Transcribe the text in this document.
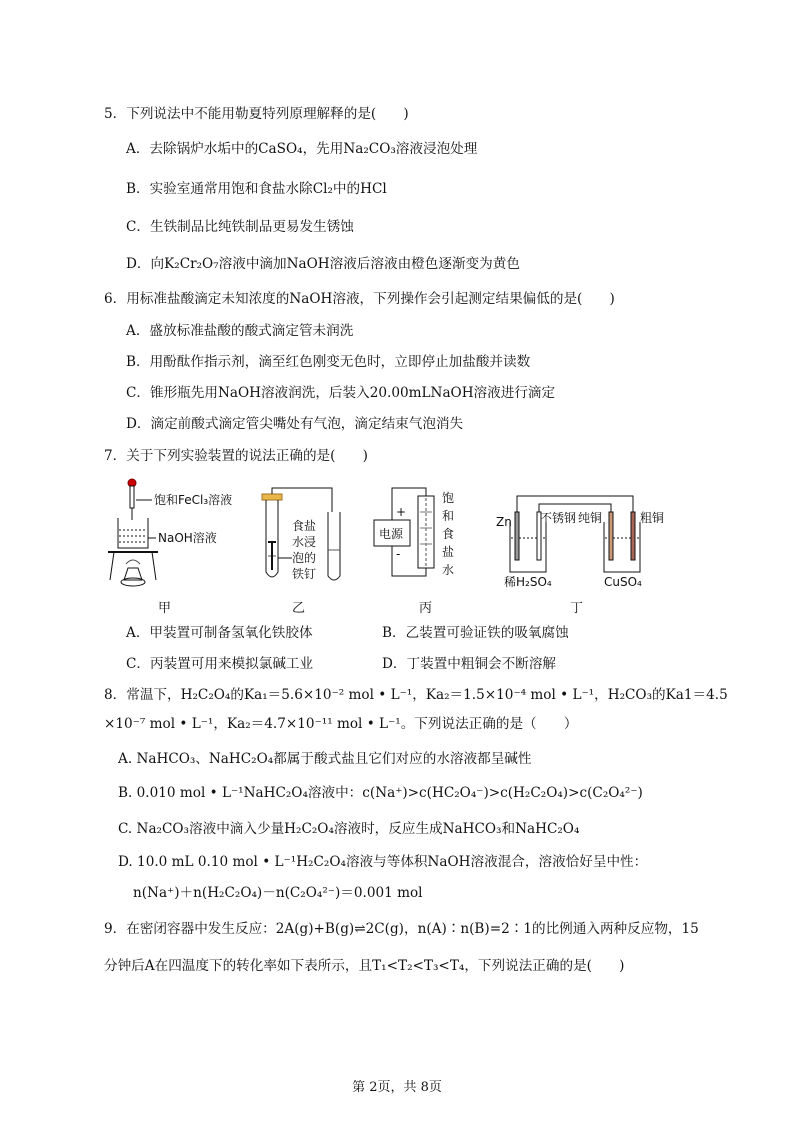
5．下列说法中不能用勒夏特列原理解释的是(　　)
A．去除锅炉水垢中的CaSO₄，先用Na₂CO₃溶液浸泡处理
B．实验室通常用饱和食盐水除Cl₂中的HCl
C．生铁制品比纯铁制品更易发生锈蚀
D．向K₂Cr₂O₇溶液中滴加NaOH溶液后溶液由橙色逐渐变为黄色
6．用标准盐酸滴定未知浓度的NaOH溶液，下列操作会引起测定结果偏低的是(　　)
A．盛放标准盐酸的酸式滴定管未润洗
B．用酚酞作指示剂，滴至红色刚变无色时，立即停止加盐酸并读数
C．锥形瓶先用NaOH溶液润洗，后装入20.00mLNaOH溶液进行滴定
D．滴定前酸式滴定管尖嘴处有气泡，滴定结束气泡消失
7．关于下列实验装置的说法正确的是(　　)
饱和FeCl₃溶液
NaOH溶液
食盐
水浸
泡的
铁钉
电源
+
-
饱
和
食
盐
水
Zn 不锈钢 纯铜	粗铜
稀H₂SO₄	CuSO₄
甲	乙	丙	丁
A．甲装置可制备氢氧化铁胶体	B．乙装置可验证铁的吸氧腐蚀
C．丙装置可用来模拟氯碱工业	D．丁装置中粗铜会不断溶解
8．常温下，H₂C₂O₄的Ka₁＝5.6×10⁻² mol • L⁻¹，Ka₂＝1.5×10⁻⁴ mol • L⁻¹，H₂CO₃的Ka1＝4.5
×10⁻⁷ mol • L⁻¹，Ka₂＝4.7×10⁻¹¹ mol • L⁻¹。下列说法正确的是（　　）
A. NaHCO₃、NaHC₂O₄都属于酸式盐且它们对应的水溶液都呈碱性
B. 0.010 mol • L⁻¹NaHC₂O₄溶液中：c(Na⁺)>c(HC₂O₄⁻)>c(H₂C₂O₄)>c(C₂O₄²⁻)
C. Na₂CO₃溶液中滴入少量H₂C₂O₄溶液时，反应生成NaHCO₃和NaHC₂O₄
D. 10.0 mL 0.10 mol • L⁻¹H₂C₂O₄溶液与等体积NaOH溶液混合，溶液恰好呈中性：
n(Na⁺)＋n(H₂C₂O₄)－n(C₂O₄²⁻)＝0.001 mol
9．在密闭容器中发生反应：2A(g)+B(g)⇌2C(g)，n(A)∶n(B)=2∶1的比例通入两种反应物，15
分钟后A在四温度下的转化率如下表所示，且T₁<T₂<T₃<T₄，下列说法正确的是(　　)
第 2页，共 8页
